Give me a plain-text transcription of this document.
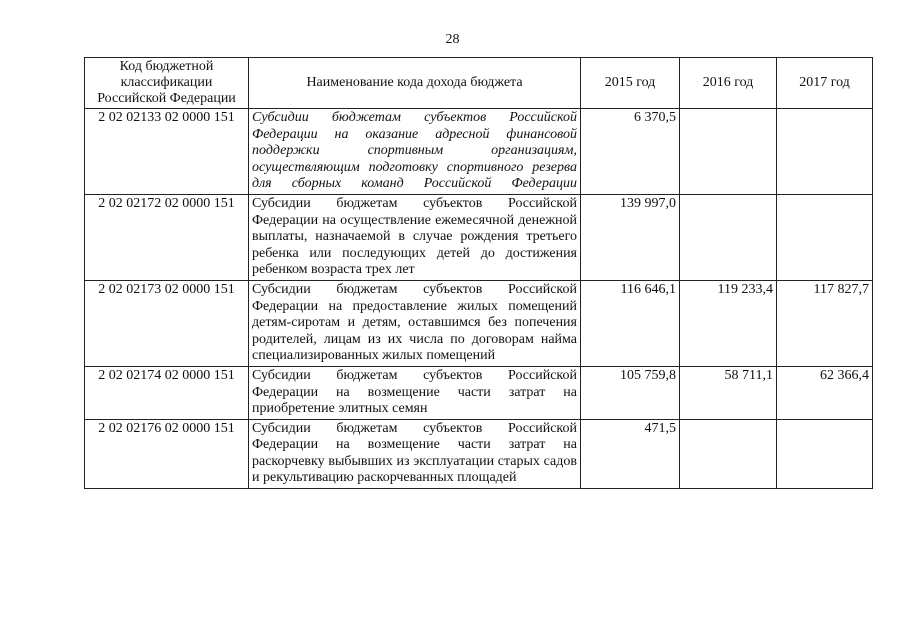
28
Код бюджетной классификации Российской Федерации	Наименование кода дохода бюджета	2015 год	2016 год	2017 год
2 02 02133 02 0000 151	Субсидии бюджетам субъектов Российской Федерации на оказание адресной финансовой поддержки спортивным организациям, осуществляющим подготовку спортивного резерва для сборных команд Российской Федерации	6 370,5		
2 02 02172 02 0000 151	Субсидии бюджетам субъектов Российской Федерации на осуществление ежемесячной денежной выплаты, назначаемой в случае рождения третьего ребенка или последующих детей до достижения ребенком возраста трех лет	139 997,0		
2 02 02173 02 0000 151	Субсидии бюджетам субъектов Российской Федерации на предоставление жилых помещений детям-сиротам и детям, оставшимся без попечения родителей, лицам из их числа по договорам найма специализированных жилых помещений	116 646,1	119 233,4	117 827,7
2 02 02174 02 0000 151	Субсидии бюджетам субъектов Российской Федерации на возмещение части затрат на приобретение элитных семян	105 759,8	58 711,1	62 366,4
2 02 02176 02 0000 151	Субсидии бюджетам субъектов Российской Федерации на возмещение части затрат на раскорчевку выбывших из эксплуатации старых садов и рекультивацию раскорчеванных площадей	471,5		
